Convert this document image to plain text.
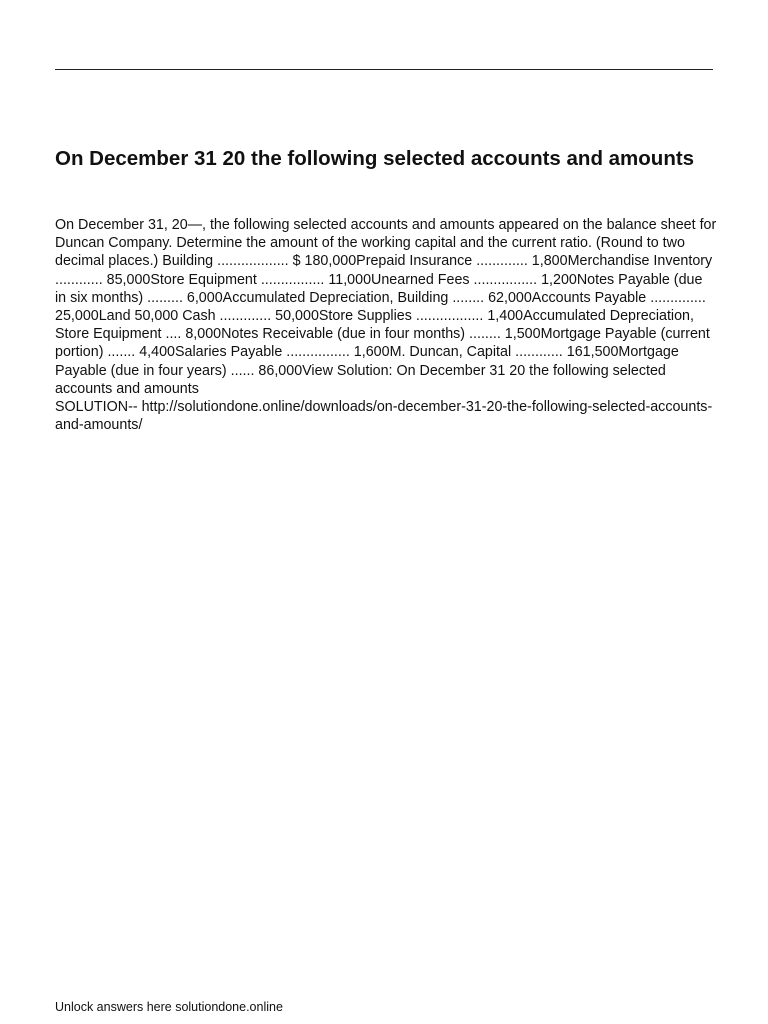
On December 31 20 the following selected accounts and amounts

On December 31, 20—, the following selected accounts and amounts appeared on the balance sheet for Duncan Company. Determine the amount of the working capital and the current ratio. (Round to two decimal places.) Building .................. $ 180,000Prepaid Insurance ............. 1,800Merchandise Inventory ............ 85,000Store Equipment ................ 11,000Unearned Fees ................ 1,200Notes Payable (due in six months) ......... 6,000Accumulated Depreciation, Building ........ 62,000Accounts Payable .............. 25,000Land 50,000 Cash ............. 50,000Store Supplies ................. 1,400Accumulated Depreciation, Store Equipment .... 8,000Notes Receivable (due in four months) ........ 1,500Mortgage Payable (current portion) ....... 4,400Salaries Payable ................ 1,600M. Duncan, Capital ............ 161,500Mortgage Payable (due in four years) ...... 86,000View Solution: On December 31 20 the following selected accounts and amounts
SOLUTION-- http://solutiondone.online/downloads/on-december-31-20-the-following-selected-accounts-and-amounts/

Unlock answers here solutiondone.online
